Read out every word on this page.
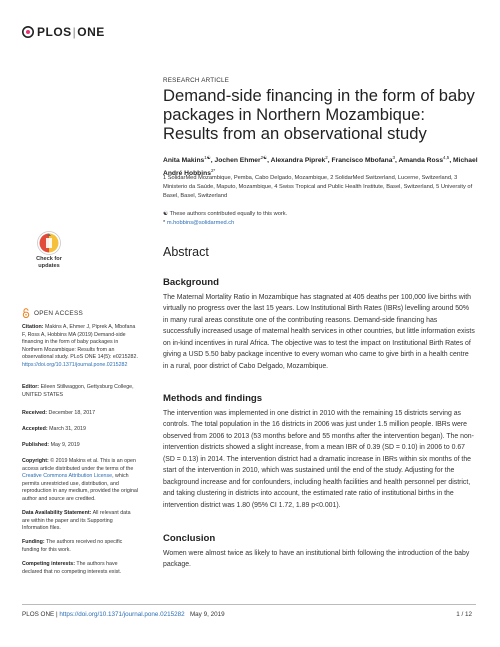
PLOS|ONE
RESEARCH ARTICLE
Demand-side financing in the form of baby packages in Northern Mozambique: Results from an observational study
Anita Makins$^{1☯}$, Jochen Ehmer$^{2☯}$, Alexandra Piprek$^2$, Francisco Mbofana$^3$, Amanda Ross$^{4,5}$, Michael André Hobbins$^{2*}$
1 SolidarMed Mozambique, Pemba, Cabo Delgado, Mozambique, 2 SolidarMed Switzerland, Lucerne, Switzerland, 3 Ministerio da Saúde, Maputo, Mozambique, 4 Swiss Tropical and Public Health Institute, Basel, Switzerland, 5 University of Basel, Basel, Switzerland
☯ These authors contributed equally to this work.
* m.hobbins@solidarmed.ch
Abstract
Background

The Maternal Mortality Ratio in Mozambique has stagnated at 405 deaths per 100,000 live births with virtually no progress over the last 15 years. Low Institutional Birth Rates (IBRs) levelling around 50% in many rural areas constitute one of the contributing reasons. Demand-side financing has successfully increased usage of maternal health services in other countries, but little information exists on in-kind incentives in rural Africa. The objective was to test the impact on Institutional Birth Rates of giving a USD 5.50 baby package incentive to every woman who came to give birth in a health centre in a rural, poor district of Cabo Delgado, Mozambique.

Methods and findings

The intervention was implemented in one district in 2010 with the remaining 15 districts serving as controls. The total population in the 16 districts in 2006 was just under 1.5 million people. IBRs were observed from 2006 to 2013 (53 months before and 55 months after the intervention began). The non-intervention districts showed a slight increase, from a mean IBR of 0.39 (SD = 0.10) in 2006 to 0.67 (SD = 0.13) in 2014. The intervention district had a dramatic increase in IBRs within six months of the start of the intervention in 2010, which was sustained until the end of the study. Adjusting for the background increase and for confounders, including health facilities and health personnel per district, and taking clustering in districts into account, the estimated rate ratio of institutional births in the intervention district was 1.80 (95% CI 1.72, 1.89 p<0.001).

Conclusion

Women were almost twice as likely to have an institutional birth following the introduction of the baby package.

Check for
updates
OPEN ACCESS
Citation: Makins A, Ehmer J, Piprek A, Mbofana F, Ross A, Hobbins MA (2019) Demand-side financing in the form of baby packages in Northern Mozambique: Results from an observational study. PLoS ONE 14(5): e0215282. https://doi.org/10.1371/journal.pone.0215282
Editor: Eileen Stillwaggon, Gettysburg College, UNITED STATES
Received: December 18, 2017
Accepted: March 31, 2019
Published: May 9, 2019
Copyright: © 2019 Makins et al. This is an open access article distributed under the terms of the Creative Commons Attribution License, which permits unrestricted use, distribution, and reproduction in any medium, provided the original author and source are credited.
Data Availability Statement: All relevant data are within the paper and its Supporting Information files.
Funding: The authors received no specific funding for this work.
Competing interests: The authors have declared that no competing interests exist.
PLOS ONE | https://doi.org/10.1371/journal.pone.0215282 May 9, 2019	1 / 12
